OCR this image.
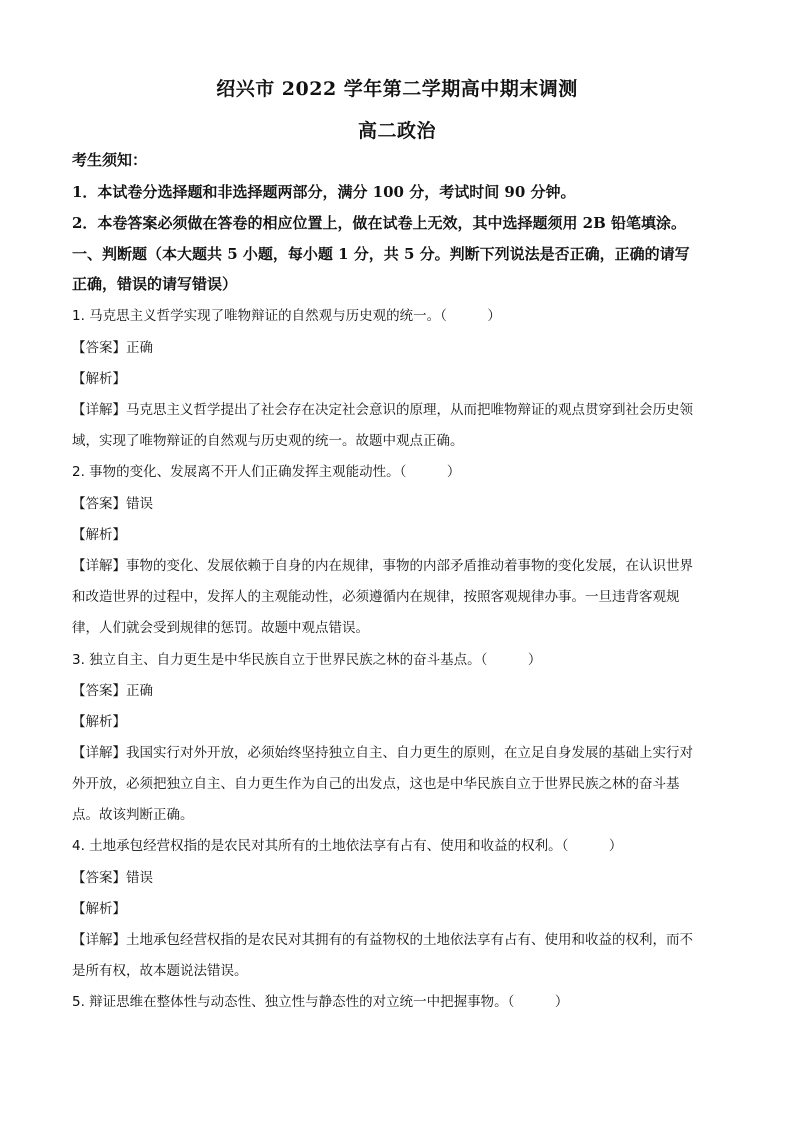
绍兴市 2022 学年第二学期高中期末调测
高二政治
考生须知：
1．本试卷分选择题和非选择题两部分，满分 100 分，考试时间 90 分钟。
2．本卷答案必须做在答卷的相应位置上，做在试卷上无效，其中选择题须用 2B 铅笔填涂。
一、判断题（本大题共 5 小题，每小题 1 分，共 5 分。判断下列说法是否正确，正确的请写
正确，错误的请写错误）
1. 马克思主义哲学实现了唯物辩证的自然观与历史观的统一。（　　　）
【答案】正确
【解析】
【详解】马克思主义哲学提出了社会存在决定社会意识的原理，从而把唯物辩证的观点贯穿到社会历史领
域，实现了唯物辩证的自然观与历史观的统一。故题中观点正确。
2. 事物的变化、发展离不开人们正确发挥主观能动性。（　　　）
【答案】错误
【解析】
【详解】事物的变化、发展依赖于自身的内在规律，事物的内部矛盾推动着事物的变化发展，在认识世界
和改造世界的过程中，发挥人的主观能动性，必须遵循内在规律，按照客观规律办事。一旦违背客观规
律，人们就会受到规律的惩罚。故题中观点错误。
3. 独立自主、自力更生是中华民族自立于世界民族之林的奋斗基点。（　　　）
【答案】正确
【解析】
【详解】我国实行对外开放，必须始终坚持独立自主、自力更生的原则，在立足自身发展的基础上实行对
外开放，必须把独立自主、自力更生作为自己的出发点，这也是中华民族自立于世界民族之林的奋斗基
点。故该判断正确。
4. 土地承包经营权指的是农民对其所有的土地依法享有占有、使用和收益的权利。（　　　）
【答案】错误
【解析】
【详解】土地承包经营权指的是农民对其拥有的有益物权的土地依法享有占有、使用和收益的权利，而不
是所有权，故本题说法错误。
5. 辩证思维在整体性与动态性、独立性与静态性的对立统一中把握事物。（　　　）
